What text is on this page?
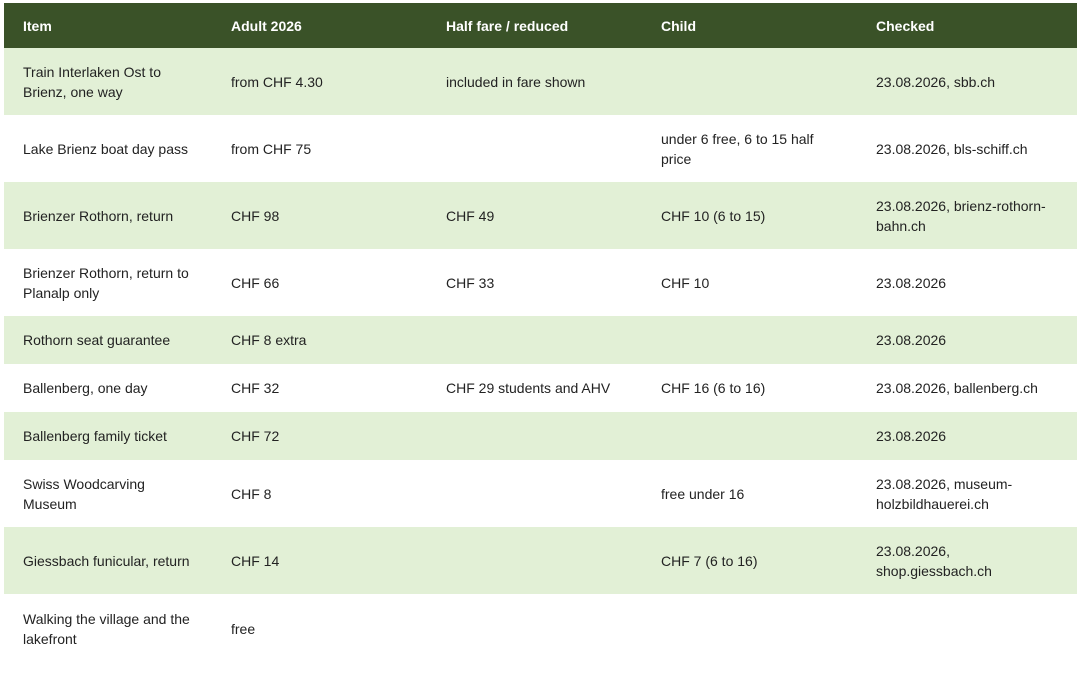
Item	Adult 2026	Half fare / reduced	Child	Checked
Train Interlaken Ost to Brienz, one way	from CHF 4.30	included in fare shown		23.08.2026, sbb.ch
Lake Brienz boat day pass	from CHF 75		under 6 free, 6 to 15 half price	23.08.2026, bls-schiff.ch
Brienzer Rothorn, return	CHF 98	CHF 49	CHF 10 (6 to 15)	23.08.2026, brienz-rothorn-bahn.ch
Brienzer Rothorn, return to Planalp only	CHF 66	CHF 33	CHF 10	23.08.2026
Rothorn seat guarantee	CHF 8 extra			23.08.2026
Ballenberg, one day	CHF 32	CHF 29 students and AHV	CHF 16 (6 to 16)	23.08.2026, ballenberg.ch
Ballenberg family ticket	CHF 72			23.08.2026
Swiss Woodcarving Museum	CHF 8		free under 16	23.08.2026, museum-holzbildhauerei.ch
Giessbach funicular, return	CHF 14		CHF 7 (6 to 16)	23.08.2026, shop.giessbach.ch
Walking the village and the lakefront	free			
